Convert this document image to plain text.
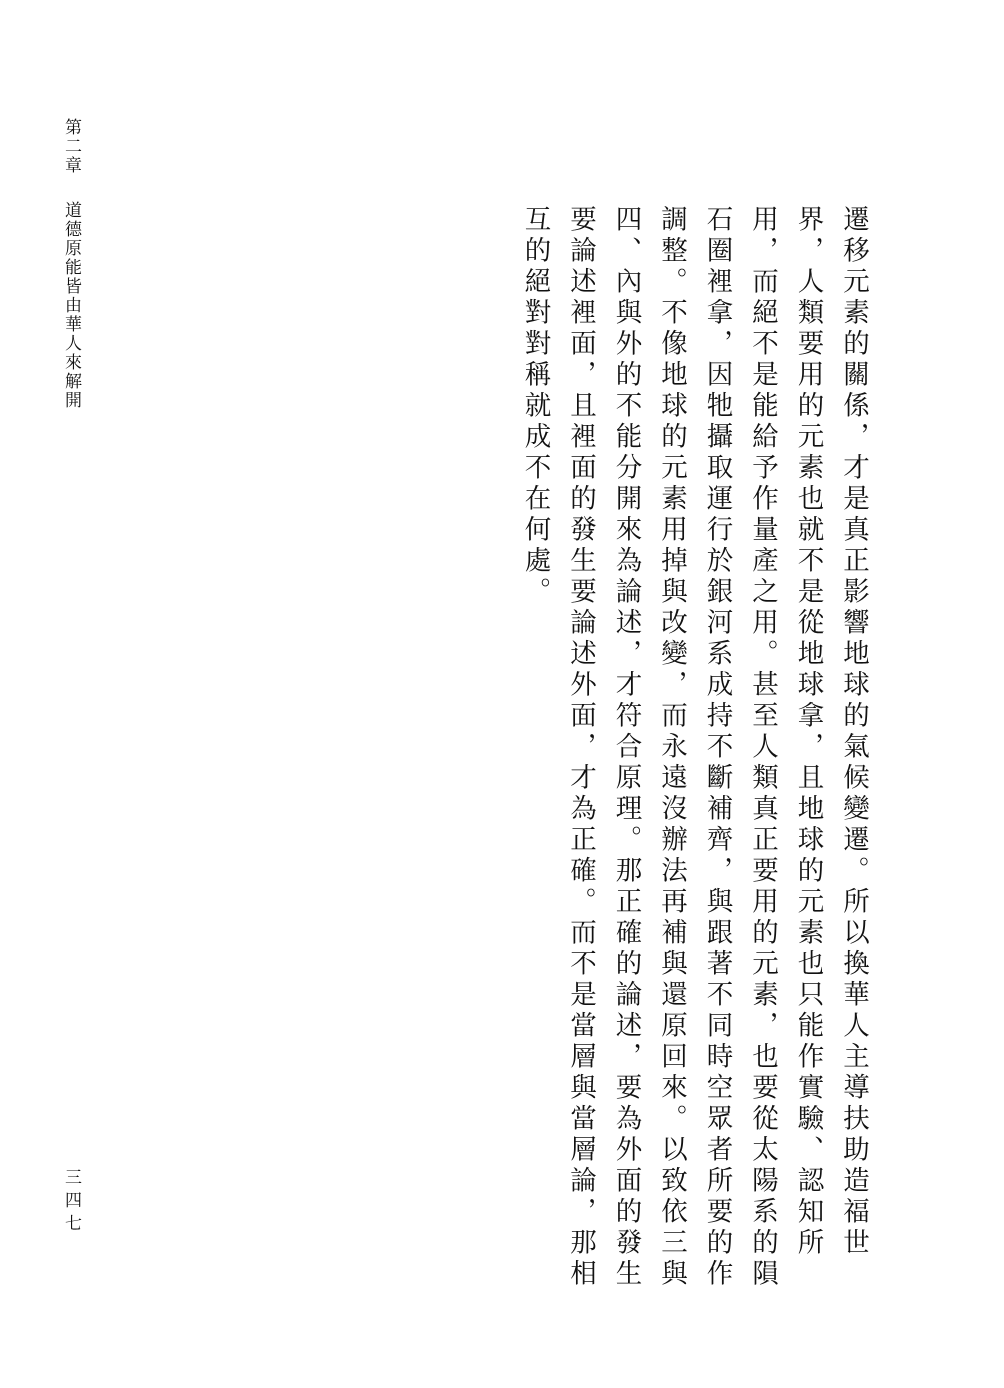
第二章道德原能皆由華人來解開	遷移元素的關係，才是真正影響地球的氣候變遷。所以換華人主導扶助造福世
界，人類要用的元素也就不是從地球拿，且地球的元素也只能作實驗、認知所
用，而絕不是能給予作量產之用。甚至人類真正要用的元素，也要從太陽系的隕
石圈裡拿，因牠攝取運行於銀河系成持不斷補齊，與跟著不同時空眾者所要的作
調整。不像地球的元素用掉與改變，而永遠沒辦法再補與還原回來。以致依三與
四、內與外的不能分開來為論述，才符合原理。那正確的論述，要為外面的發生
要論述裡面，且裡面的發生要論述外面，才為正確。而不是當層與當層論，那相
互的絕對對稱就成不在何處。
三四七
